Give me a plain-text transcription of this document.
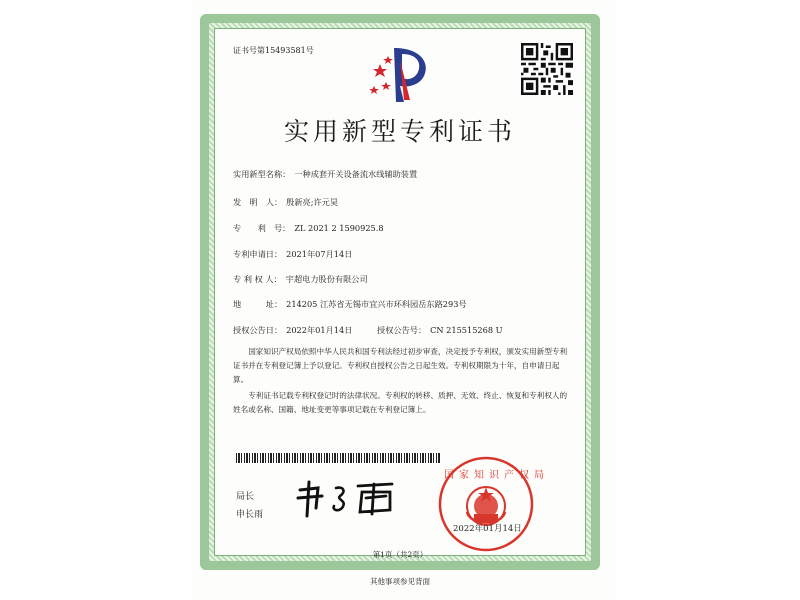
证书号第15493581号
实用新型专利证书
实用新型名称： 一种成套开关设备流水线辅助装置
发　明　人： 殷新亮;许元昊
专　　利　号： ZL 2021 2 1590925.8
专利申请日： 2021年07月14日
专 利 权 人： 宇超电力股份有限公司
地　　　址： 214205 江苏省无锡市宜兴市环科园岳东路293号
授权公告日： 2022年01月14日	授权公告号： CN 215515268 U
国家知识产权局依照中华人民共和国专利法经过初步审查，决定授予专利权，颁发实用新型专利证书并在专利登记簿上予以登记。专利权自授权公告之日起生效。专利权期限为十年，自申请日起算。
专利证书记载专利权登记时的法律状况。专利权的转移、质押、无效、终止、恢复和专利权人的姓名或名称、国籍、地址变更等事项记载在专利登记簿上。
局长
申长雨
国家知识产权局
2022年01月14日
第1页（共2页）
其他事项参见背面
